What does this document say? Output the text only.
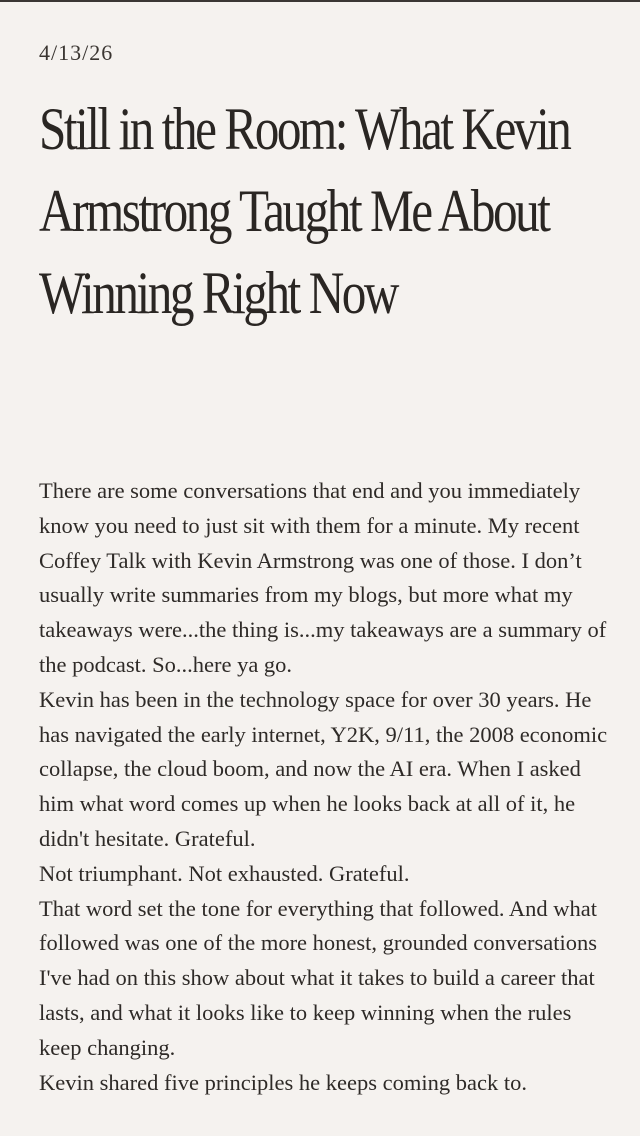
4/13/26
Still in the Room: What Kevin Armstrong Taught Me About Winning Right Now

There are some conversations that end and you immediately know you need to just sit with them for a minute. My recent Coffey Talk with Kevin Armstrong was one of those. I don’t usually write summaries from my blogs, but more what my takeaways were...the thing is...my takeaways are a summary of the podcast. So...here ya go.

Kevin has been in the technology space for over 30 years. He has navigated the early internet, Y2K, 9/11, the 2008 economic collapse, the cloud boom, and now the AI era. When I asked him what word comes up when he looks back at all of it, he didn't hesitate. Grateful.

Not triumphant. Not exhausted. Grateful.

That word set the tone for everything that followed. And what followed was one of the more honest, grounded conversations I've had on this show about what it takes to build a career that lasts, and what it looks like to keep winning when the rules keep changing.

Kevin shared five principles he keeps coming back to.
